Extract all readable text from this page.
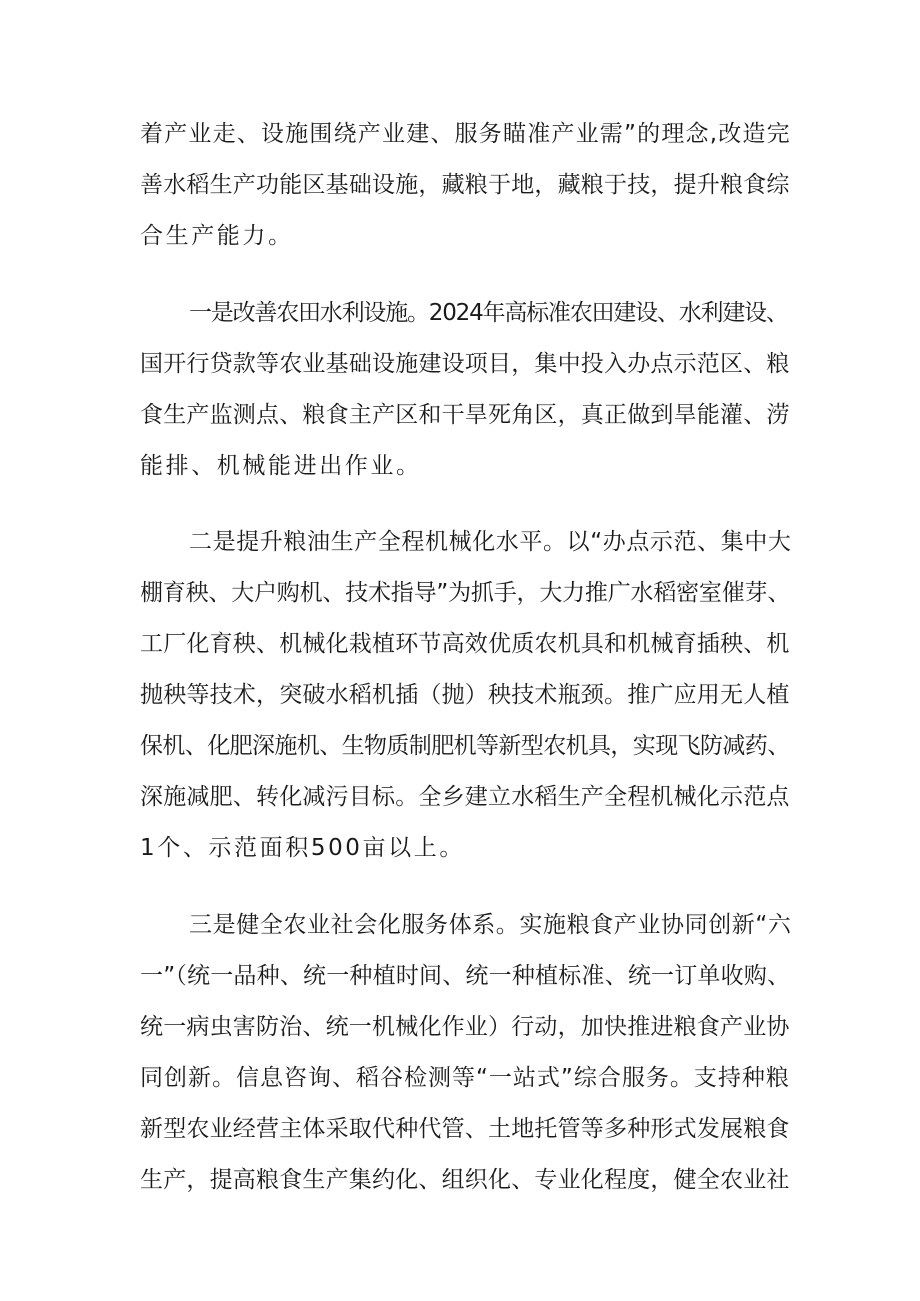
着产业走、设施围绕产业建、服务瞄准产业需”的理念,改造完
善水稻生产功能区基础设施，藏粮于地，藏粮于技，提升粮食综
合生产能力。
一是改善农田水利设施。2024年高标准农田建设、水利建设、
国开行贷款等农业基础设施建设项目，集中投入办点示范区、粮
食生产监测点、粮食主产区和干旱死角区，真正做到旱能灌、涝
能排、机械能进出作业。
二是提升粮油生产全程机械化水平。以“办点示范、集中大
棚育秧、大户购机、技术指导”为抓手，大力推广水稻密室催芽、
工厂化育秧、机械化栽植环节高效优质农机具和机械育插秧、机
抛秧等技术，突破水稻机插（抛）秧技术瓶颈。推广应用无人植
保机、化肥深施机、生物质制肥机等新型农机具，实现飞防减药、
深施减肥、转化减污目标。全乡建立水稻生产全程机械化示范点
1个、示范面积500亩以上。
三是健全农业社会化服务体系。实施粮食产业协同创新“六
一”（统一品种、统一种植时间、统一种植标准、统一订单收购、
统一病虫害防治、统一机械化作业）行动，加快推进粮食产业协
同创新。信息咨询、稻谷检测等“一站式”综合服务。支持种粮
新型农业经营主体采取代种代管、土地托管等多种形式发展粮食
生产，提高粮食生产集约化、组织化、专业化程度，健全农业社
